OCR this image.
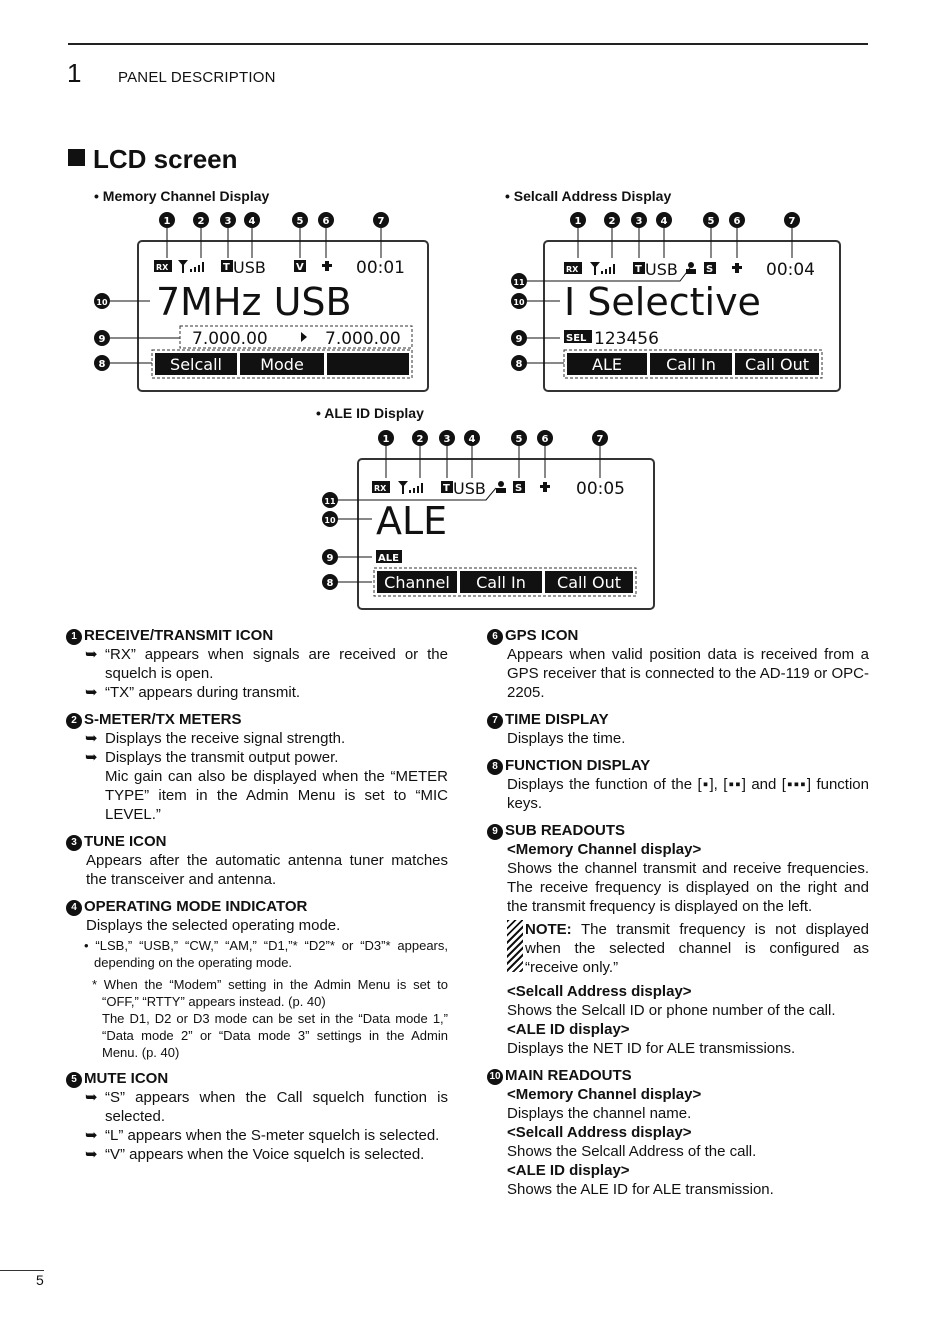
1 PANEL DESCRIPTION
LCD screen
• Memory Channel Display
1	2 3 4	5 6	7
10
9
8
RX	T USB	V	00:01
7MHz USB
7.000.00	7.000.00
Selcall Mode
• Selcall Address Display
1	2 3 4	5 6	7
11
10
9
8
RX	T USB	S	00:04
I Selective
SEL 123456
ALE	Call In Call Out
• ALE ID Display
1	2 3 4	5 6	7
11
10
9
8
RX	T USB	S	00:05
ALE
ALE
Channel Call In Call Out
1 RECEIVE/TRANSMIT ICON
➥ “RX” appears when signals are received or the squelch is open.
➥ “TX” appears during transmit.
2 S-METER/TX METERS
➥ Displays the receive signal strength.
➥ Displays the transmit output power.
Mic gain can also be displayed when the “METER TYPE” item in the Admin Menu is set to “MIC LEVEL.”
3 TUNE ICON
Appears after the automatic antenna tuner matches the transceiver and antenna.
4 OPERATING MODE INDICATOR
Displays the selected operating mode.
• “LSB,” “USB,” “CW,” “AM,” “D1,”* “D2”* or “D3”* appears, depending on the operating mode.
* When the “Modem” setting in the Admin Menu is set to “OFF,” “RTTY” appears instead. (p. 40)
The D1, D2 or D3 mode can be set in the “Data mode 1,” “Data mode 2” or “Data mode 3” settings in the Admin Menu. (p. 40)
5 MUTE ICON
➥ “S” appears when the Call squelch function is selected.
➥ “L” appears when the S-meter squelch is selected.
➥ “V” appears when the Voice squelch is selected.
6 GPS ICON
Appears when valid position data is received from a GPS receiver that is connected to the AD-119 or OPC-2205.
7 TIME DISPLAY
Displays the time.
8 FUNCTION DISPLAY
Displays the function of the [▪], [▪▪] and [▪▪▪] function keys.
9 SUB READOUTS
<Memory Channel display>
Shows the channel transmit and receive frequencies. The receive frequency is displayed on the right and the transmit frequency is displayed on the left.
NOTE: The transmit frequency is not displayed when the selected channel is configured as “receive only.”
<Selcall Address display>
Shows the Selcall ID or phone number of the call.
<ALE ID display>
Displays the NET ID for ALE transmissions.
10 MAIN READOUTS
<Memory Channel display>
Displays the channel name.
<Selcall Address display>
Shows the Selcall Address of the call.
<ALE ID display>
Shows the ALE ID for ALE transmission.
5
